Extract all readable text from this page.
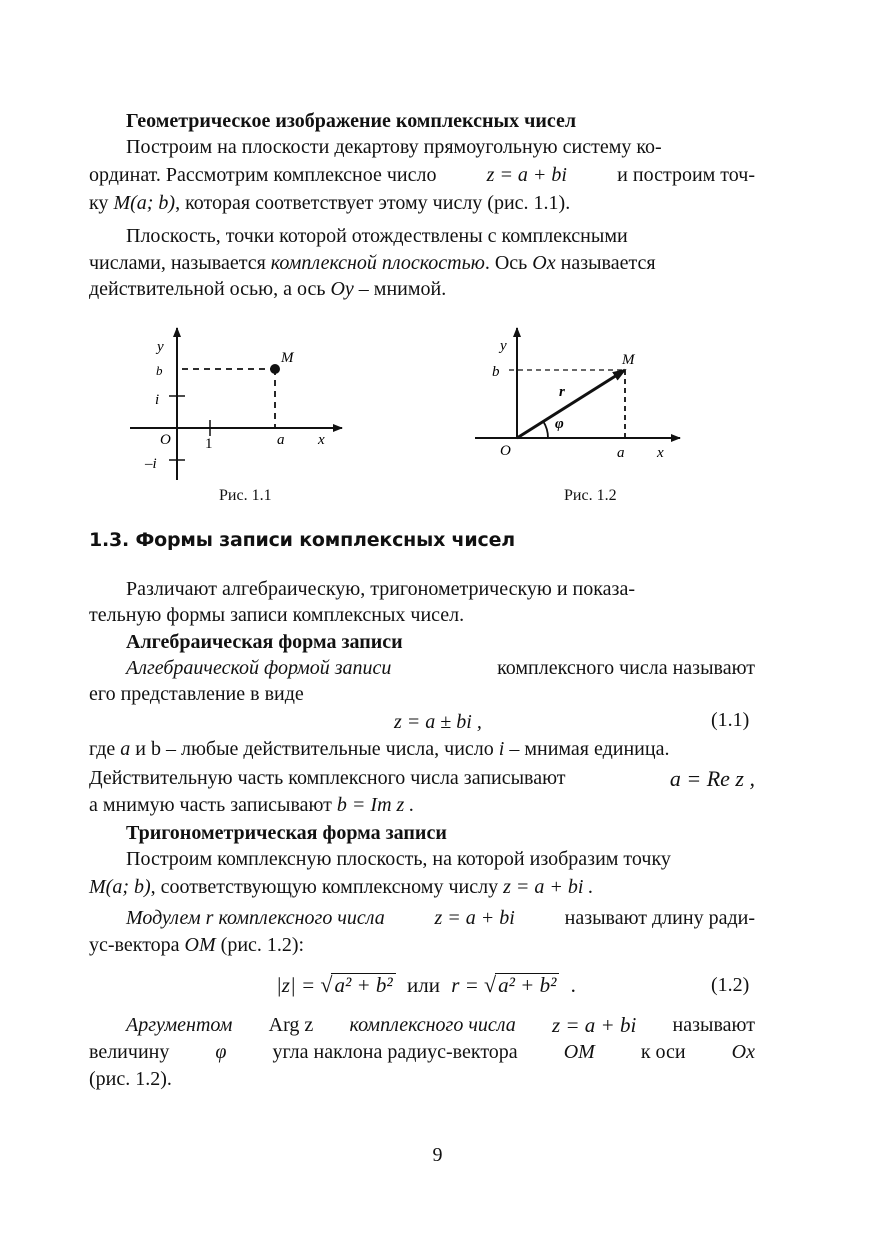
Геометрическое изображение комплексных чисел
Построим на плоскости декартову прямоугольную систему ко-
ординат. Рассмотрим комплексное число	z = a + bi	и построим точ-
ку M(a; b), которая соответствует этому числу (рис. 1.1).
Плоскость, точки которой отождествлены с комплексными
числами, называется комплексной плоскостью. Ось Ox называется
действительной осью, а ось Oy – мнимой.
y
b
i
O 1	a x
–i
M
Рис. 1.1
y
b
M
r
φ
O	a x
Рис. 1.2
1.3. Формы записи комплексных чисел
Различают алгебраическую, тригонометрическую и показа-
тельную формы записи комплексных чисел.
Алгебраическая форма записи
Алгебраической формой записи	комплексного числа называют
его представление в виде
z = a ± bi ,	(1.1)
где a и b – любые действительные числа, число i – мнимая единица.
Действительную часть комплексного числа записывают	a = Re z ,
а мнимую часть записывают b = Im z .
Тригонометрическая форма записи
Построим комплексную плоскость, на которой изобразим точку
M(a; b), соответствующую комплексному числу z = a + bi .
Модулем r комплексного числа z = a + bi называют длину ради-
ус-вектора OM (рис. 1.2):
|z| = √a² + b² или r = √a² + b² .	(1.2)
Аргументом Arg z комплексного числа z = a + bi называют
величину φ угла наклона радиус-вектора OM к оси Ox
(рис. 1.2).
9
